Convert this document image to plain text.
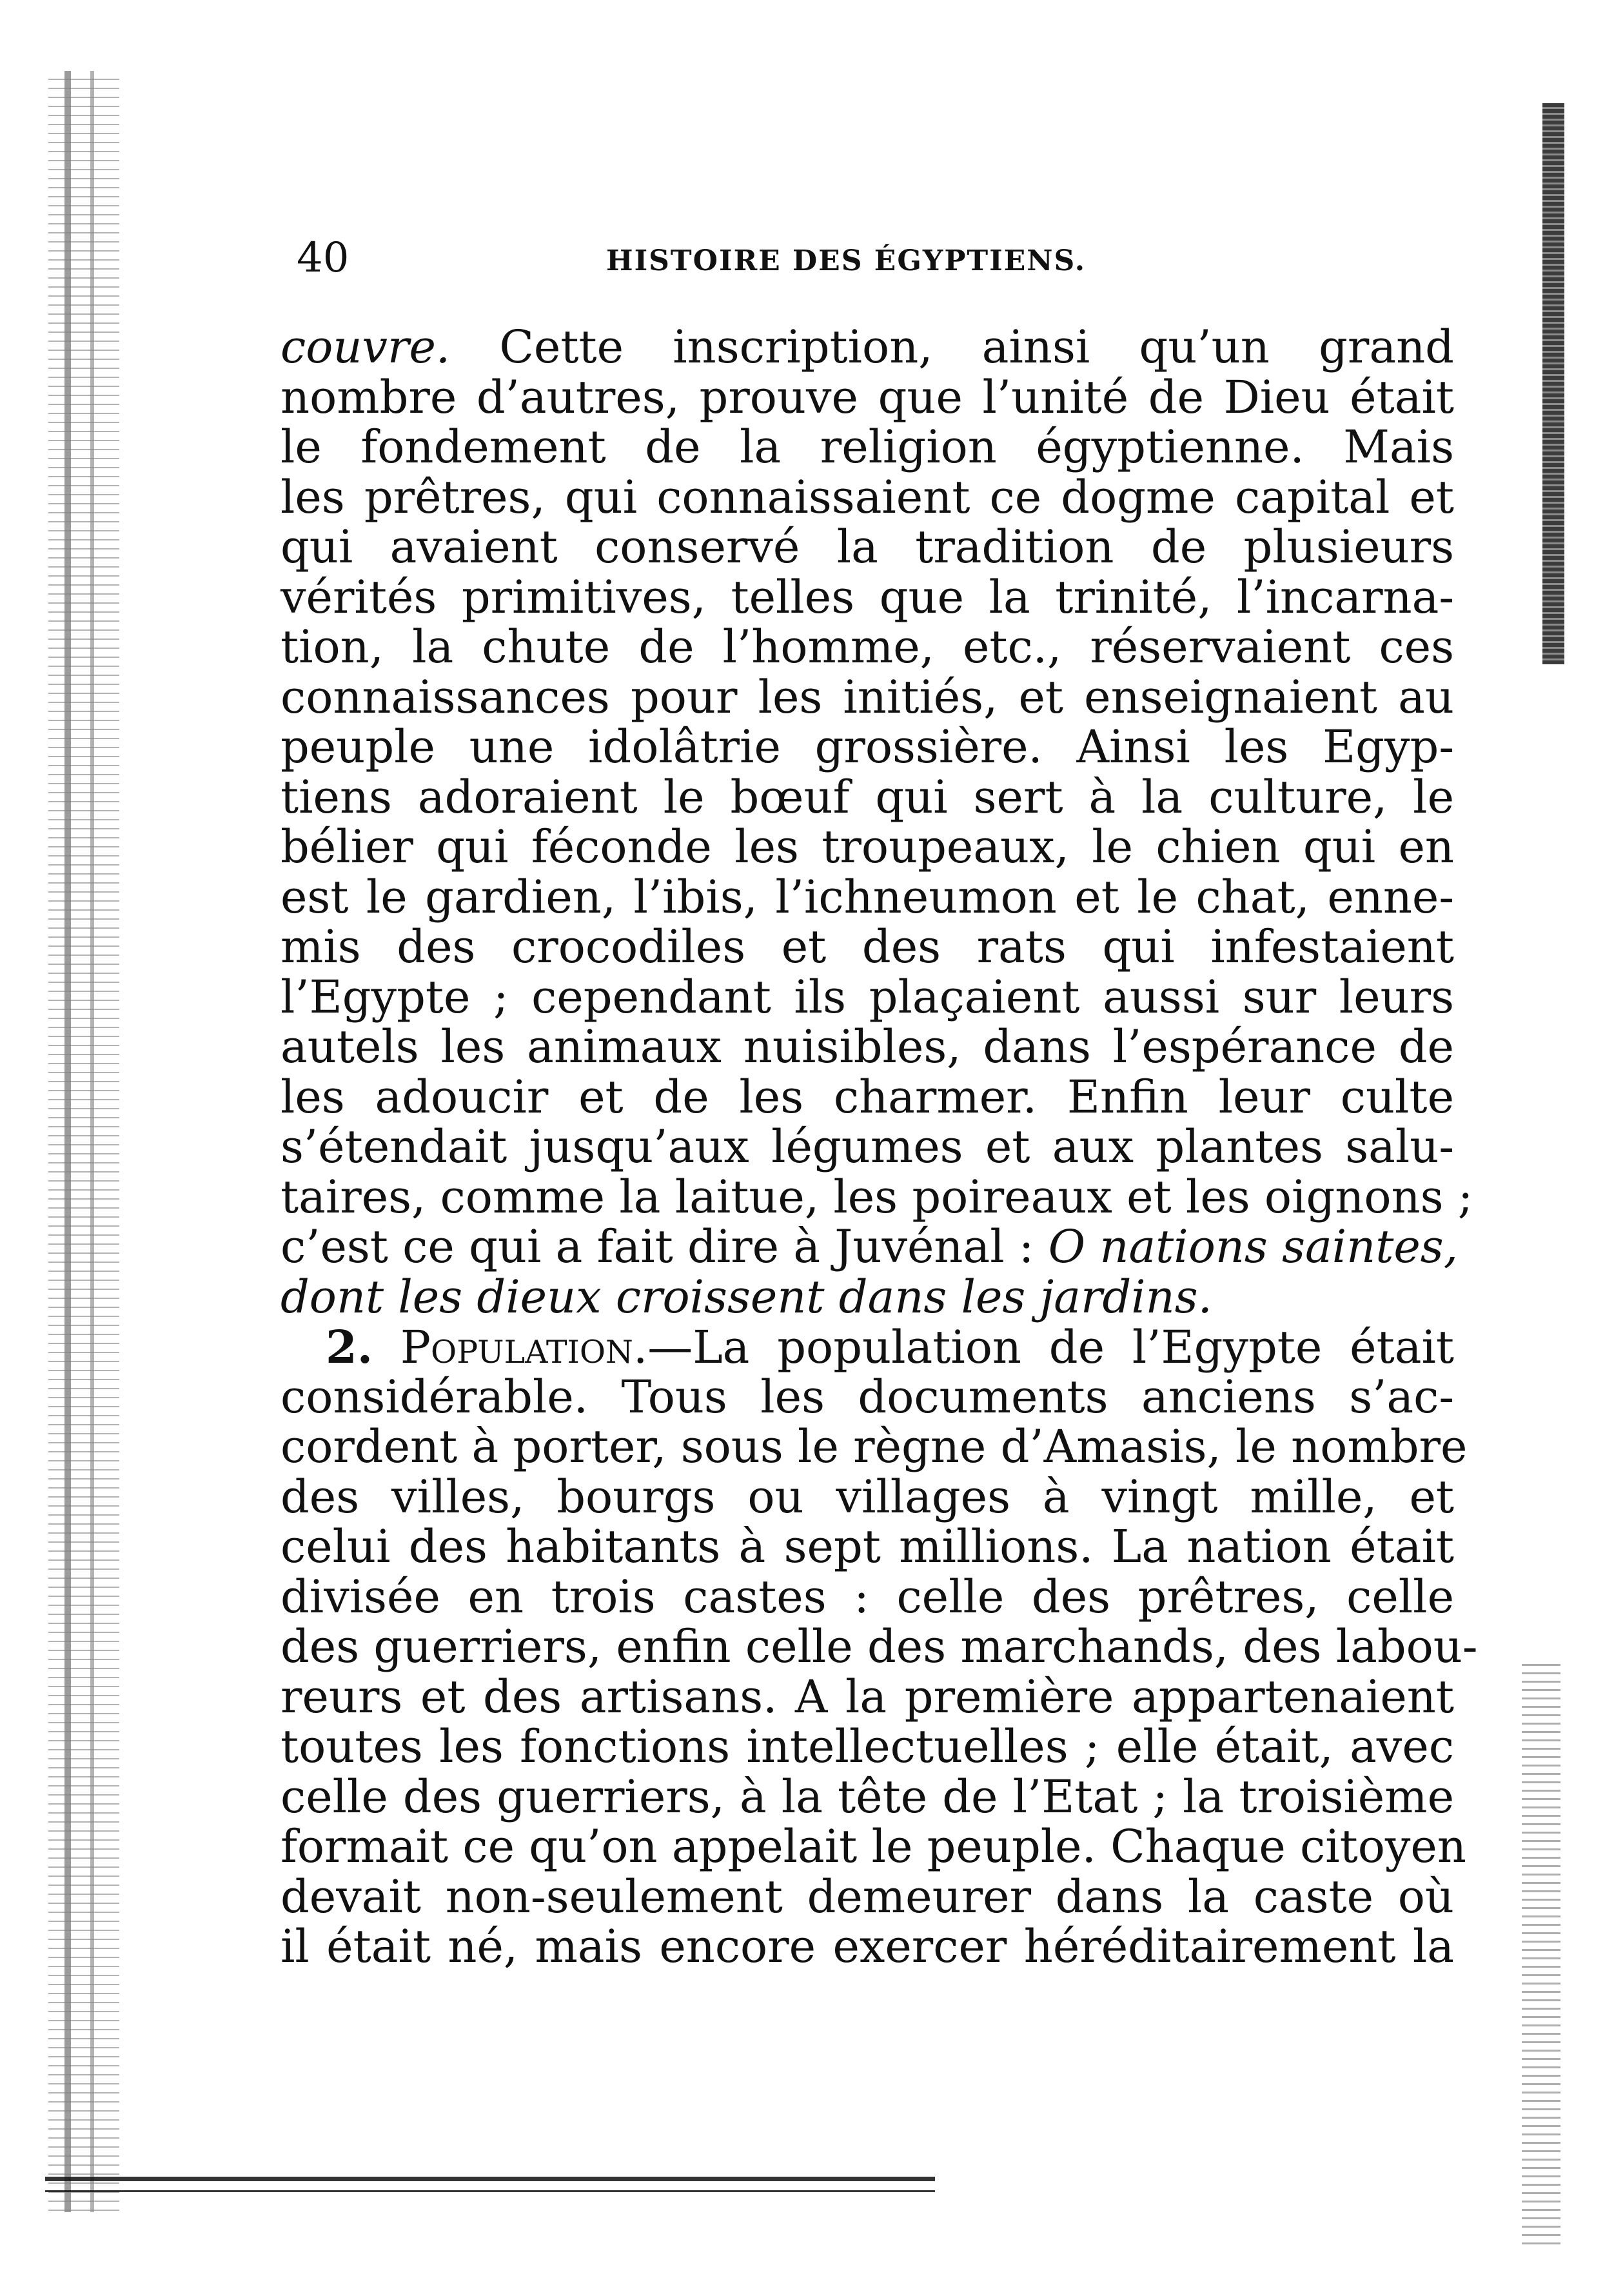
40	HISTOIRE DES ÉGYPTIENS.
couvre. Cette inscription, ainsi qu’un grand
nombre d’autres, prouve que l’unité de Dieu était
le fondement de la religion égyptienne. Mais
les prêtres, qui connaissaient ce dogme capital et
qui avaient conservé la tradition de plusieurs
vérités primitives, telles que la trinité, l’incarna-
tion, la chute de l’homme, etc., réservaient ces
connaissances pour les initiés, et enseignaient au
peuple une idolâtrie grossière. Ainsi les Egyp-
tiens adoraient le bœuf qui sert à la culture, le
bélier qui féconde les troupeaux, le chien qui en
est le gardien, l’ibis, l’ichneumon et le chat, enne-
mis des crocodiles et des rats qui infestaient
l’Egypte ; cependant ils plaçaient aussi sur leurs
autels les animaux nuisibles, dans l’espérance de
les adoucir et de les charmer. Enfin leur culte
s’étendait jusqu’aux légumes et aux plantes salu-
taires, comme la laitue, les poireaux et les oignons ;
c’est ce qui a fait dire à Juvénal : O nations saintes,
dont les dieux croissent dans les jardins.
2. Population.—La population de l’Egypte était
considérable. Tous les documents anciens s’ac-
cordent à porter, sous le règne d’Amasis, le nombre
des villes, bourgs ou villages à vingt mille, et
celui des habitants à sept millions. La nation était
divisée en trois castes : celle des prêtres, celle
des guerriers, enfin celle des marchands, des labou-
reurs et des artisans. A la première appartenaient
toutes les fonctions intellectuelles ; elle était, avec
celle des guerriers, à la tête de l’Etat ; la troisième
formait ce qu’on appelait le peuple. Chaque citoyen
devait non-seulement demeurer dans la caste où
il était né, mais encore exercer héréditairement la
